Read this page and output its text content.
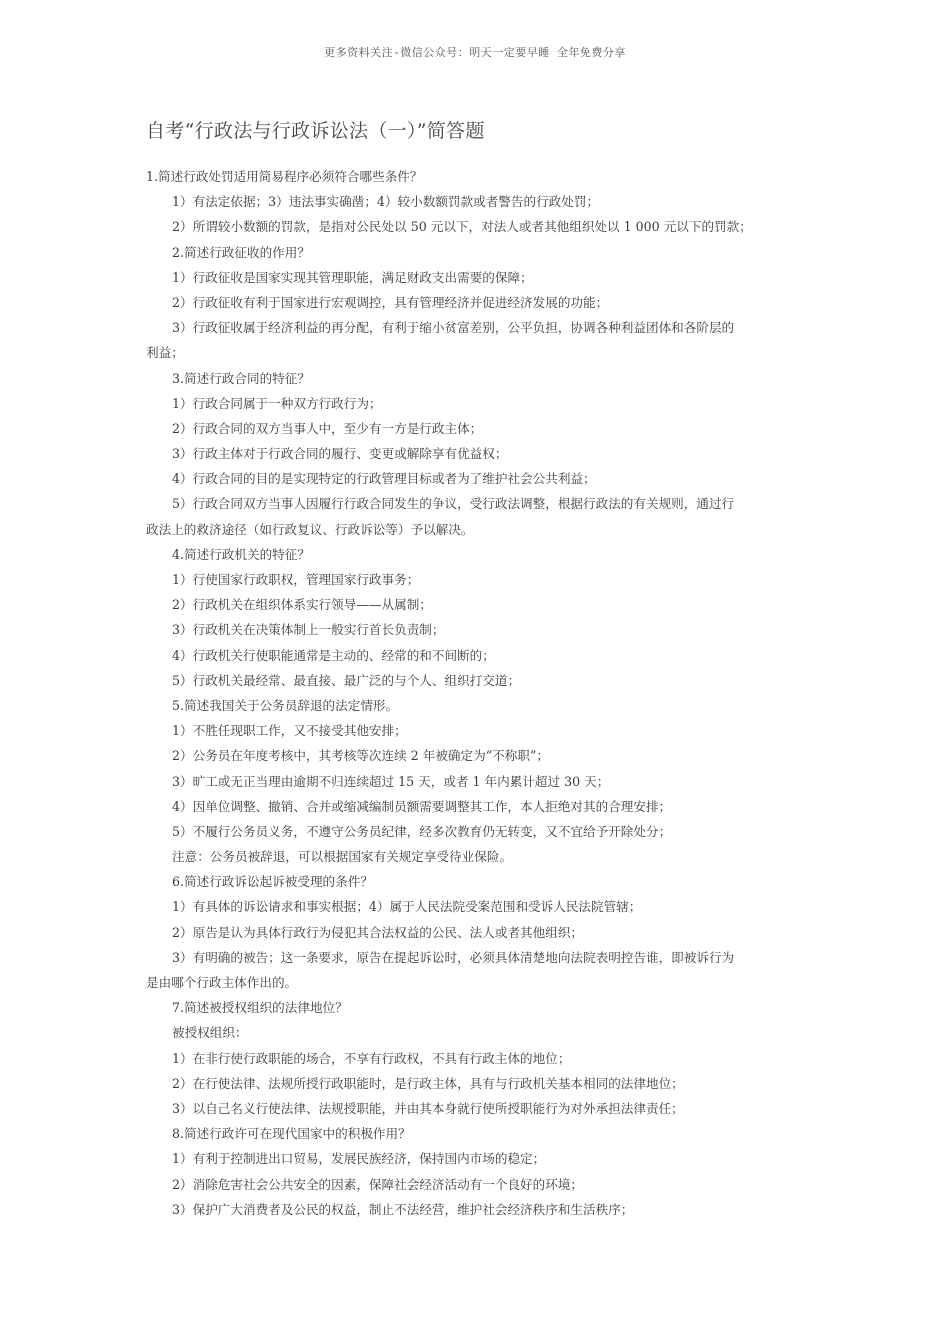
更多资料关注-微信公众号：明天一定要早睡 全年免费分享
自考“行政法与行政诉讼法（一）”简答题
1.简述行政处罚适用简易程序必须符合哪些条件？
1）有法定依据；3）违法事实确凿；4）较小数额罚款或者警告的行政处罚；
2）所谓较小数额的罚款，是指对公民处以 50 元以下，对法人或者其他组织处以 1 000 元以下的罚款；
2.简述行政征收的作用？
1）行政征收是国家实现其管理职能，满足财政支出需要的保障；
2）行政征收有利于国家进行宏观调控，具有管理经济并促进经济发展的功能；
3）行政征收属于经济利益的再分配，有利于缩小贫富差别，公平负担，协调各种利益团体和各阶层的
利益；
3.简述行政合同的特征？
1）行政合同属于一种双方行政行为；
2）行政合同的双方当事人中，至少有一方是行政主体；
3）行政主体对于行政合同的履行、变更或解除享有优益权；
4）行政合同的目的是实现特定的行政管理目标或者为了维护社会公共利益；
5）行政合同双方当事人因履行行政合同发生的争议，受行政法调整，根据行政法的有关规则，通过行
政法上的救济途径（如行政复议、行政诉讼等）予以解决。
4.简述行政机关的特征？
1）行使国家行政职权，管理国家行政事务；
2）行政机关在组织体系实行领导——从属制；
3）行政机关在决策体制上一般实行首长负责制；
4）行政机关行使职能通常是主动的、经常的和不间断的；
5）行政机关最经常、最直接、最广泛的与个人、组织打交道；
5.简述我国关于公务员辞退的法定情形。
1）不胜任现职工作，又不接受其他安排；
2）公务员在年度考核中，其考核等次连续 2 年被确定为“不称职”；
3）旷工或无正当理由逾期不归连续超过 15 天，或者 1 年内累计超过 30 天；
4）因单位调整、撤销、合并或缩减编制员额需要调整其工作，本人拒绝对其的合理安排；
5）不履行公务员义务，不遵守公务员纪律，经多次教育仍无转变，又不宜给予开除处分；
注意：公务员被辞退，可以根据国家有关规定享受待业保险。
6.简述行政诉讼起诉被受理的条件？
1）有具体的诉讼请求和事实根据；4）属于人民法院受案范围和受诉人民法院管辖；
2）原告是认为具体行政行为侵犯其合法权益的公民、法人或者其他组织；
3）有明确的被告；这一条要求，原告在提起诉讼时，必须具体清楚地向法院表明控告谁，即被诉行为
是由哪个行政主体作出的。
7.简述被授权组织的法律地位？
被授权组织：
1）在非行使行政职能的场合，不享有行政权，不具有行政主体的地位；
2）在行使法律、法规所授行政职能时，是行政主体，具有与行政机关基本相同的法律地位；
3）以自己名义行使法律、法规授职能，并由其本身就行使所授职能行为对外承担法律责任；
8.简述行政许可在现代国家中的积极作用？
1）有利于控制进出口贸易，发展民族经济，保持国内市场的稳定；
2）消除危害社会公共安全的因素，保障社会经济活动有一个良好的环境；
3）保护广大消费者及公民的权益，制止不法经营，维护社会经济秩序和生活秩序；
